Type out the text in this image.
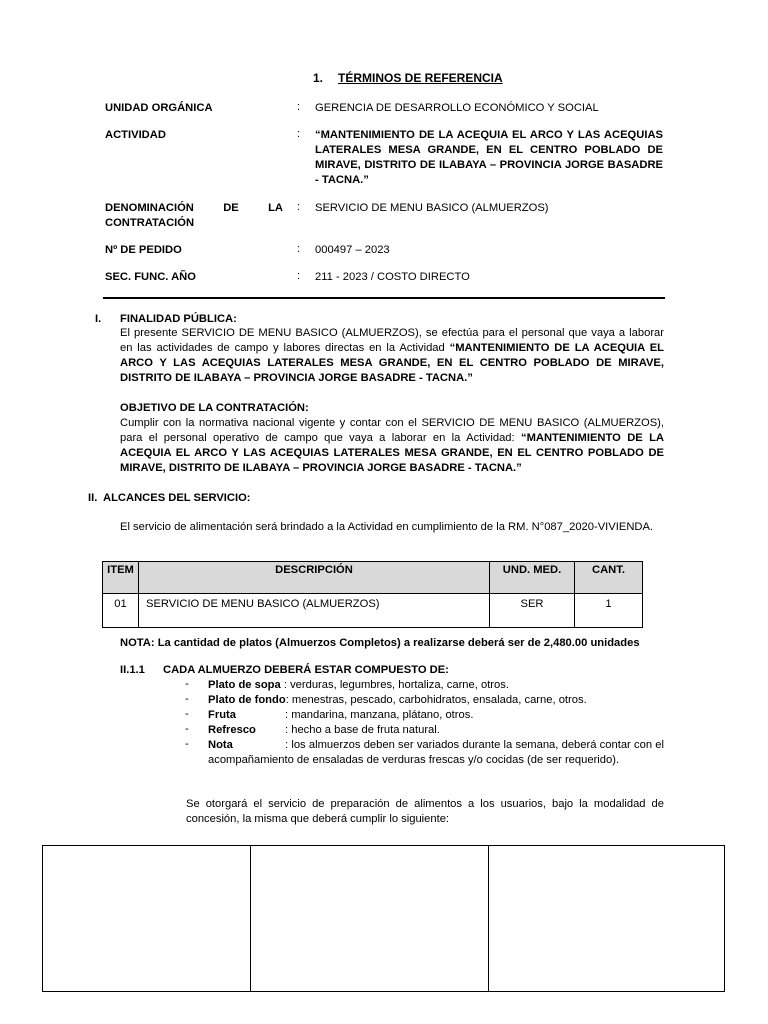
1. TÉRMINOS DE REFERENCIA
UNIDAD ORGÁNICA	: GERENCIA DE DESARROLLO ECONÓMICO Y SOCIAL
ACTIVIDAD	: “MANTENIMIENTO DE LA ACEQUIA EL ARCO Y LAS ACEQUIAS LATERALES MESA GRANDE, EN EL CENTRO POBLADO DE MIRAVE, DISTRITO DE ILABAYA – PROVINCIA JORGE BASADRE - TACNA.”
DENOMINACIÓN DE LA CONTRATACIÓN
: SERVICIO DE MENU BASICO (ALMUERZOS)
Nº DE PEDIDO	: 000497 – 2023
SEC. FUNC. AÑO	: 211 - 2023 / COSTO DIRECTO
I. FINALIDAD PÚBLICA:
El presente SERVICIO DE MENU BASICO (ALMUERZOS), se efectúa para el personal que vaya a laborar en las actividades de campo y labores directas en la Actividad “MANTENIMIENTO DE LA ACEQUIA EL ARCO Y LAS ACEQUIAS LATERALES MESA GRANDE, EN EL CENTRO POBLADO DE MIRAVE, DISTRITO DE ILABAYA – PROVINCIA JORGE BASADRE - TACNA.”
OBJETIVO DE LA CONTRATACIÓN:
Cumplir con la normativa nacional vigente y contar con el SERVICIO DE MENU BASICO (ALMUERZOS), para el personal operativo de campo que vaya a laborar en la Actividad: “MANTENIMIENTO DE LA ACEQUIA EL ARCO Y LAS ACEQUIAS LATERALES MESA GRANDE, EN EL CENTRO POBLADO DE MIRAVE, DISTRITO DE ILABAYA – PROVINCIA JORGE BASADRE - TACNA.”
II. ALCANCES DEL SERVICIO:
El servicio de alimentación será brindado a la Actividad en cumplimiento de la RM. N°087_2020-VIVIENDA.
ITEM	DESCRIPCIÓN	UND. MED.	CANT.
01	SERVICIO DE MENU BASICO (ALMUERZOS)	SER	1
NOTA: La cantidad de platos (Almuerzos Completos) a realizarse deberá ser de 2,480.00 unidades
II.1.1 CADA ALMUERZO DEBERÁ ESTAR COMPUESTO DE:
- Plato de sopa : verduras, legumbres, hortaliza, carne, otros.
- Plato de fondo: menestras, pescado, carbohidratos, ensalada, carne, otros.
- Fruta	: mandarina, manzana, plátano, otros.
- Refresco	: hecho a base de fruta natural.
- Nota	: los almuerzos deben ser variados durante la semana, deberá contar con el acompañamiento de ensaladas de verduras frescas y/o cocidas (de ser requerido).
Se otorgará el servicio de preparación de alimentos a los usuarios, bajo la modalidad de concesión, la misma que deberá cumplir lo siguiente:
